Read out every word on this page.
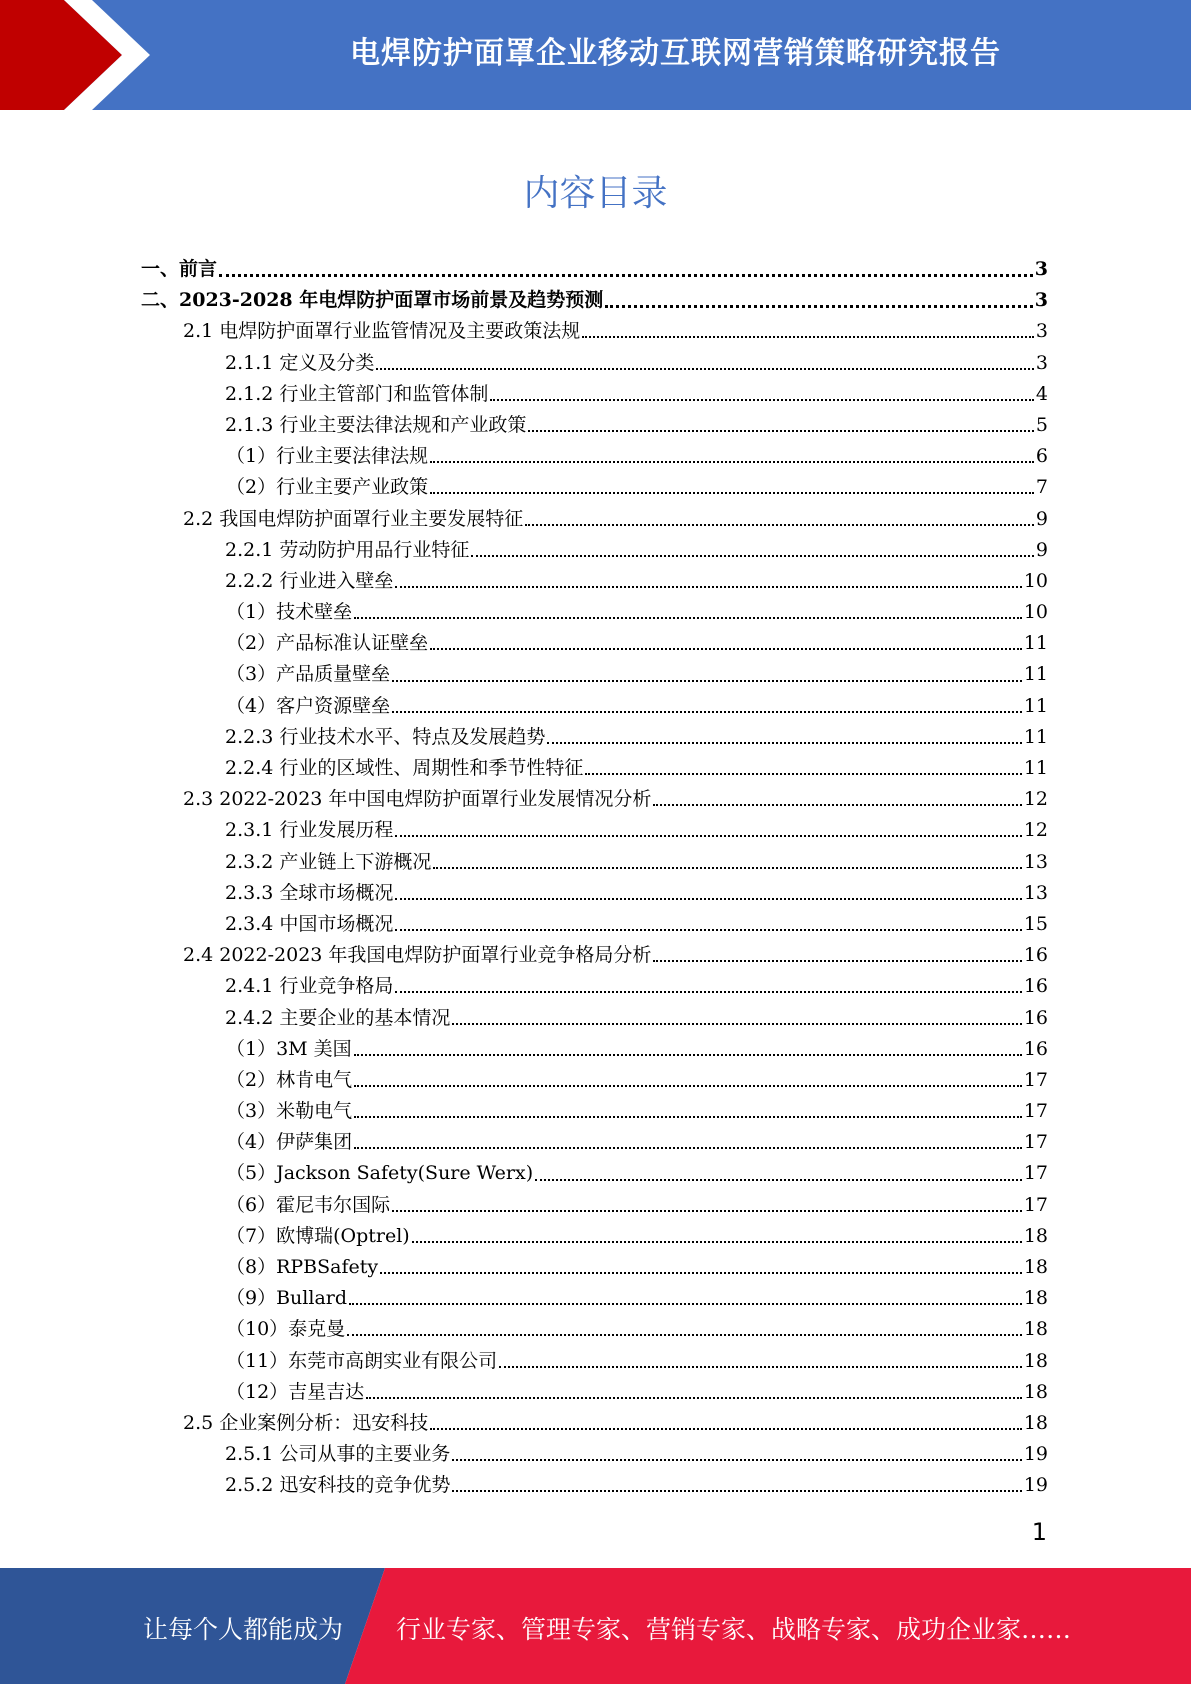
电焊防护面罩企业移动互联网营销策略研究报告
内容目录
一、前言	3
二、2023-2028 年电焊防护面罩市场前景及趋势预测	3
2.1 电焊防护面罩行业监管情况及主要政策法规	3
2.1.1 定义及分类	3
2.1.2 行业主管部门和监管体制	4
2.1.3 行业主要法律法规和产业政策	5
（1）行业主要法律法规	6
（2）行业主要产业政策	7
2.2 我国电焊防护面罩行业主要发展特征	9
2.2.1 劳动防护用品行业特征	9
2.2.2 行业进入壁垒	10
（1）技术壁垒	10
（2）产品标准认证壁垒	11
（3）产品质量壁垒	11
（4）客户资源壁垒	11
2.2.3 行业技术水平、特点及发展趋势	11
2.2.4 行业的区域性、周期性和季节性特征	11
2.3 2022-2023 年中国电焊防护面罩行业发展情况分析	12
2.3.1 行业发展历程	12
2.3.2 产业链上下游概况	13
2.3.3 全球市场概况	13
2.3.4 中国市场概况	15
2.4 2022-2023 年我国电焊防护面罩行业竞争格局分析	16
2.4.1 行业竞争格局	16
2.4.2 主要企业的基本情况	16
（1）3M 美国	16
（2）林肯电气	17
（3）米勒电气	17
（4）伊萨集团	17
（5）Jackson Safety(Sure Werx)	17
（6）霍尼韦尔国际	17
（7）欧博瑞(Optrel)	18
（8）RPBSafety	18
（9）Bullard	18
（10）泰克曼	18
（11）东莞市高朗实业有限公司	18
（12）吉星吉达	18
2.5 企业案例分析：迅安科技	18
2.5.1 公司从事的主要业务	19
2.5.2 迅安科技的竞争优势	19
1
让每个人都能成为 行业专家、管理专家、营销专家、战略专家、成功企业家……
